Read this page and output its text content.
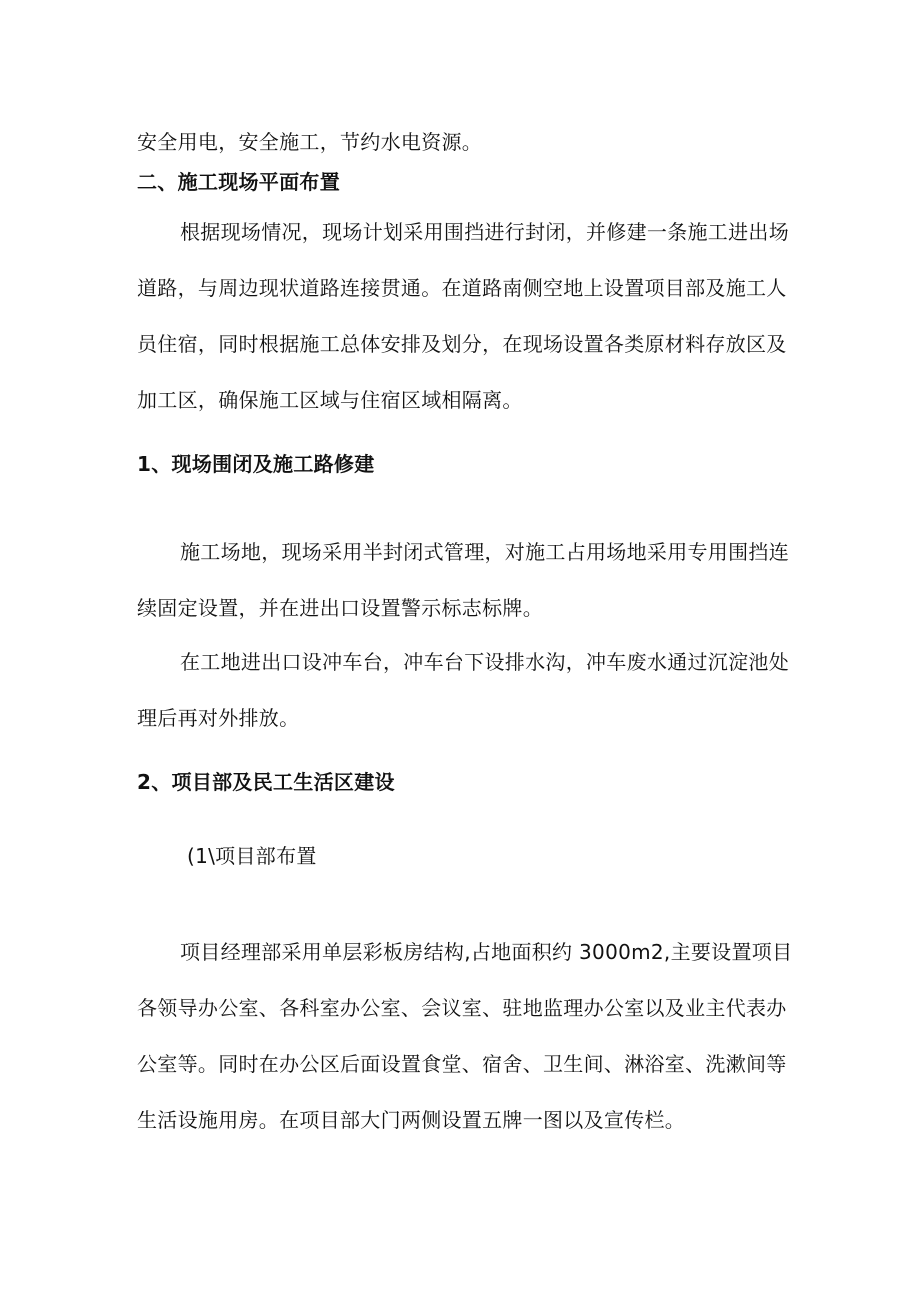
安全用电，安全施工，节约水电资源。
二、施工现场平面布置
根据现场情况，现场计划采用围挡进行封闭，并修建一条施工进出场
道路，与周边现状道路连接贯通。在道路南侧空地上设置项目部及施工人
员住宿，同时根据施工总体安排及划分，在现场设置各类原材料存放区及
加工区，确保施工区域与住宿区域相隔离。
1、现场围闭及施工路修建
施工场地，现场采用半封闭式管理，对施工占用场地采用专用围挡连
续固定设置，并在进出口设置警示标志标牌。
在工地进出口设冲车台，冲车台下设排水沟，冲车废水通过沉淀池处
理后再对外排放。
2、项目部及民工生活区建设
(1\项目部布置
项目经理部采用单层彩板房结构,占地面积约 3000m2,主要设置项目
各领导办公室、各科室办公室、会议室、驻地监理办公室以及业主代表办
公室等。同时在办公区后面设置食堂、宿舍、卫生间、淋浴室、洗漱间等
生活设施用房。在项目部大门两侧设置五牌一图以及宣传栏。
